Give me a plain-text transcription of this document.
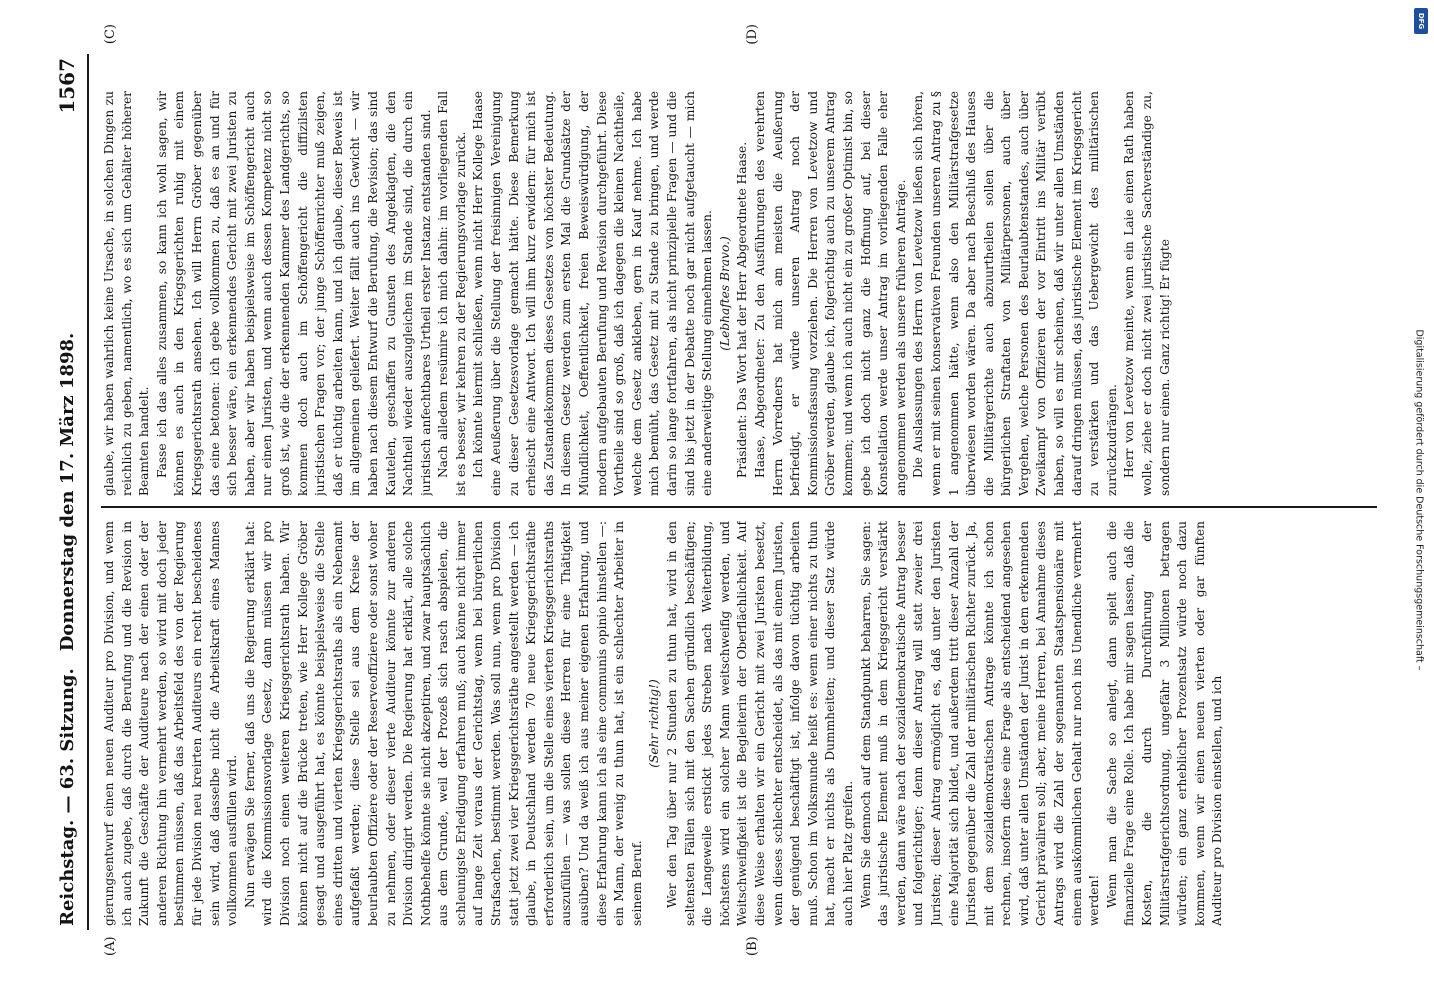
Reichstag. — 63. Sitzung.
Donnerstag den 17. März 1898.
1567
(A)	(B)
(C)	(D)

gierungsentwurf einen neuen Auditeur pro Division, und wenn ich auch zugebe, daß durch die Berufung und die Revision in Zukunft die Geschäfte der Auditeure nach der einen oder der anderen Richtung hin vermehrt werden, so wird mit doch jeder bestimmen müssen, daß das Arbeitsfeld des von der Regierung für jede Division neu kreirten Auditeurs ein recht bescheidenes sein wird, daß dasselbe nicht die Arbeitskraft eines Mannes vollkommen ausfüllen wird. Nun erwägen Sie ferner, daß uns die Regierung erklärt hat: wird die Kommissionsvorlage Gesetz, dann müssen wir pro Division noch einen weiteren Kriegsgerichtsrath haben. Wir können nicht auf die Brücke treten, wie Herr Kollege Gröber gesagt und ausgeführt hat, es könnte beispielsweise die Stelle eines dritten und vierten Kriegsgerichtsraths als ein Nebenamt aufgefaßt werden; diese Stelle sei aus dem Kreise der beurlaubten Offiziere oder der Reserveoffiziere oder sonst woher zu nehmen, oder dieser vierte Auditeur könnte zur anderen Division dirigirt werden. Die Regierung hat erklärt, alle solche Nothbehelfe könnte sie nicht akzeptiren, und zwar hauptsächlich aus dem Grunde, weil der Prozeß sich rasch abspielen, die schleunigste Erledigung erfahren muß; auch könne nicht immer auf lange Zeit voraus der Gerichtstag, wenn bei bürgerlichen Strafsachen, bestimmt werden. Was soll nun, wenn pro Division statt jetzt zwei vier Kriegsgerichtsräthe angestellt werden — ich glaube, in Deutschland werden 70 neue Kriegsgerichtsräthe erforderlich sein, um die Stelle eines vierten Kriegsgerichtsraths auszufüllen — was sollen diese Herren für eine Thätigkeit ausüben? Und da weiß ich aus meiner eigenen Erfahrung, und diese Erfahrung kann ich als eine communis opinio hinstellen —: ein Mann, der wenig zu thun hat, ist ein schlechter Arbeiter in seinem Beruf.

(Sehr richtig!) Wer den Tag über nur 2 Stunden zu thun hat, wird in den seltensten Fällen sich mit den Sachen gründlich beschäftigen; die Langeweile erstickt jedes Streben nach Weiterbildung, höchstens wird ein solcher Mann weitschweifig werden, und Weitschweifigkeit ist die Begleiterin der Oberflächlichkeit. Auf diese Weise erhalten wir ein Gericht mit zwei Juristen besetzt, wenn dieses schlechter entscheidet, als das mit einem Juristen, der genügend beschäftigt ist, infolge davon tüchtig arbeiten muß. Schon im Volksmunde heißt es: wenn einer nichts zu thun hat, macht er nichts als Dummheiten; und dieser Satz würde auch hier Platz greifen. Wenn Sie dennoch auf dem Standpunkt beharren, Sie sagen: das juristische Element muß in dem Kriegsgericht verstärkt werden, dann wäre nach der sozialdemokratische Antrag besser und folgerichtiger; denn dieser Antrag will statt zweier drei Juristen; dieser Antrag ermöglicht es, daß unter den Juristen eine Majorität sich bildet, und außerdem tritt dieser Anzahl der Juristen gegenüber die Zahl der militärischen Richter zurück. Ja, mit dem sozialdemokratischen Antrage könnte ich schon rechnen, insofern diese eine Frage als entscheidend angesehen wird, daß unter allen Umständen der Jurist in dem erkennenden Gericht prävaliren soll; aber, meine Herren, bei Annahme dieses Antrags wird die Zahl der sogenannten Staatspensionäre mit einem auskömmlichen Gehalt nur noch ins Unendliche vermehrt werden! Wenn man die Sache so anlegt, dann spielt auch die finanzielle Frage eine Rolle. Ich habe mir sagen lassen, daß die Kosten, die durch Durchführung der Militärstrafgerichtsordnung, ungefähr 3 Millionen betragen würden; ein ganz erheblicher Prozentsatz würde noch dazu kommen, wenn wir einen neuen vierten oder gar fünften Auditeur pro Division einstellen, und ich

glaube, wir haben wahrlich keine Ursache, in solchen Dingen zu reichlich zu geben, namentlich, wo es sich um Gehälter höherer Beamten handelt. Fasse ich das alles zusammen, so kann ich wohl sagen, wir können es auch in den Kriegsgerichten ruhig mit einem Kriegsgerichtsrath ansehen. Ich will Herrn Gröber gegenüber das eine betonen: ich gebe vollkommen zu, daß es an und für sich besser wäre, ein erkennendes Gericht mit zwei Juristen zu haben, aber wir haben beispielsweise im Schöffengericht auch nur einen Juristen, und wenn auch dessen Kompetenz nicht so groß ist, wie die der erkennenden Kammer des Landgerichts, so kommen doch auch im Schöffengericht die diffizilsten juristischen Fragen vor; der junge Schöffenrichter muß zeigen, daß er tüchtig arbeiten kann, und ich glaube, dieser Beweis ist im allgemeinen geliefert. Weiter fällt auch ins Gewicht — wir haben nach diesem Entwurf die Berufung, die Revision; das sind Kautelen, geschaffen zu Gunsten des Angeklagten, die den Nachtheil wieder auszugleichen im Stande sind, die durch ein juristisch anfechtbares Urtheil erster Instanz entstanden sind. Nach alledem resümire ich mich dahin: im vorliegenden Fall ist es besser, wir kehren zu der Regierungsvorlage zurück. Ich könnte hiermit schließen, wenn nicht Herr Kollege Haase eine Aeußerung über die Stellung der freisinnigen Vereinigung zu dieser Gesetzesvorlage gemacht hätte. Diese Bemerkung erheischt eine Antwort. Ich will ihm kurz erwidern: für mich ist das Zustandekommen dieses Gesetzes von höchster Bedeutung. In diesem Gesetz werden zum ersten Mal die Grundsätze der Mündlichkeit, Oeffentlichkeit, freien Beweiswürdigung, der modern aufgebauten Berufung und Revision durchgeführt. Diese Vortheile sind so groß, daß ich dagegen die kleinen Nachtheile, welche dem Gesetz ankleben, gern in Kauf nehme. Ich habe mich bemüht, das Gesetz mit zu Stande zu bringen, und werde darin so lange fortfahren, als nicht prinzipielle Fragen — und die sind bis jetzt in der Debatte noch gar nicht aufgetaucht — mich eine anderweitige Stellung einnehmen lassen. (Lebhaftes Bravo.) Präsident: Das Wort hat der Herr Abgeordnete Haase. Haase, Abgeordneter: Zu den Ausführungen des verehrten Herrn Vorredners hat mich am meisten die Aeußerung befriedigt, er würde unseren Antrag noch der Kommissionsfassung vorziehen. Die Herren von Levetzow und Gröber werden, glaube ich, folgerichtig auch zu unserem Antrag kommen; und wenn ich auch nicht ein zu großer Optimist bin, so gebe ich doch nicht ganz die Hoffnung auf, bei dieser Konstellation werde unser Antrag im vorliegenden Falle eher angenommen werden als unsere früheren Anträge. Die Auslassungen des Herrn von Levetzow ließen sich hören, wenn er mit seinen konservativen Freunden unseren Antrag zu § 1 angenommen hätte, wenn also den Militärstrafgesetze überwiesen worden wären. Da aber nach Beschluß des Hauses die Militärgerichte auch abzuurtheilen sollen über die bürgerlichen Straftaten von Militärpersonen, auch über Vergehen, welche Personen des Beurlaubtenstandes, auch über Zweikampf von Offizieren der vor Eintritt ins Militär verübt haben, so will es mir scheinen, daß wir unter allen Umständen darauf dringen müssen, das juristische Element im Kriegsgericht zu verstärken und das Uebergewicht des militärischen zurückzudrängen. Herr von Levetzow meinte, wenn ein Laie einen Rath haben wolle, ziehe er doch nicht zwei juristische Sachverständige zu, sondern nur einen. Ganz richtig! Er fügte

DFG
Digitalisierung gefördert durch die Deutsche Forschungsgemeinschaft –
